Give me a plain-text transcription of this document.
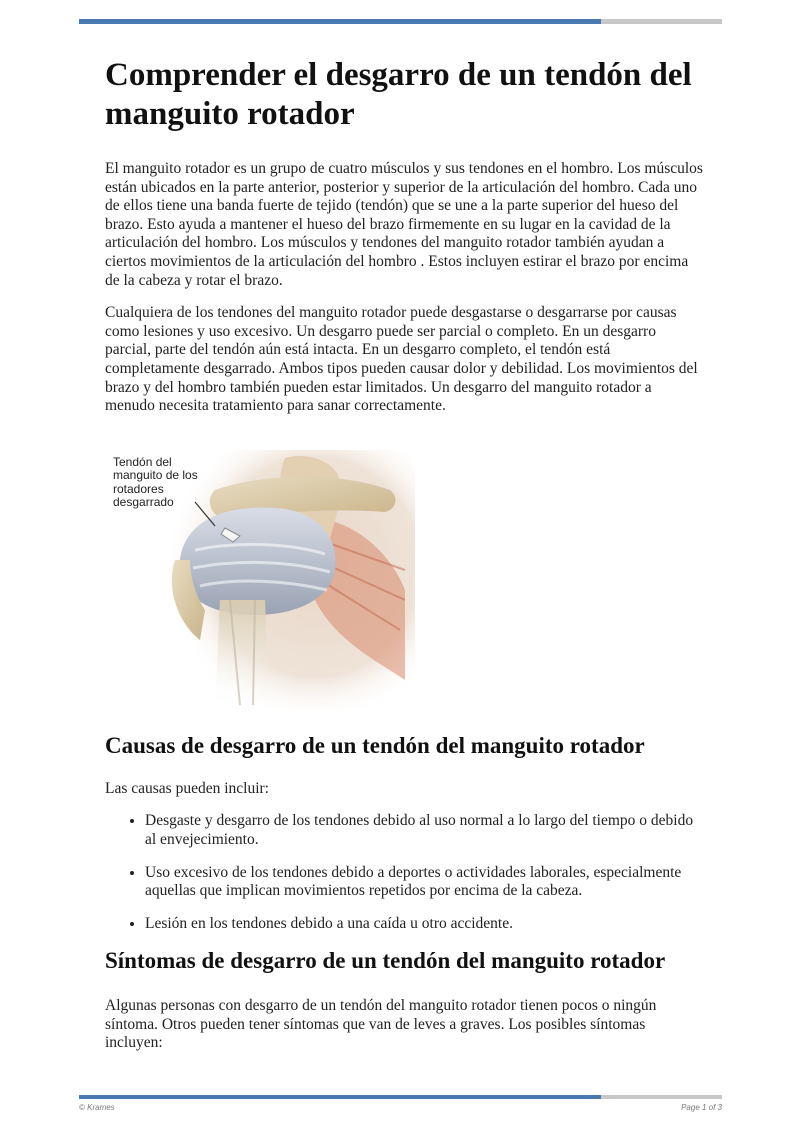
Comprender el desgarro de un tendón del manguito rotador

El manguito rotador es un grupo de cuatro músculos y sus tendones en el hombro. Los músculos están ubicados en la parte anterior, posterior y superior de la articulación del hombro. Cada uno de ellos tiene una banda fuerte de tejido (tendón) que se une a la parte superior del hueso del brazo. Esto ayuda a mantener el hueso del brazo firmemente en su lugar en la cavidad de la articulación del hombro. Los músculos y tendones del manguito rotador también ayudan a ciertos movimientos de la articulación del hombro . Estos incluyen estirar el brazo por encima de la cabeza y rotar el brazo.

Cualquiera de los tendones del manguito rotador puede desgastarse o desgarrarse por causas como lesiones y uso excesivo. Un desgarro puede ser parcial o completo. En un desgarro parcial, parte del tendón aún está intacta. En un desgarro completo, el tendón está completamente desgarrado. Ambos tipos pueden causar dolor y debilidad. Los movimientos del brazo y del hombro también pueden estar limitados. Un desgarro del manguito rotador a menudo necesita tratamiento para sanar correctamente.

Tendón del manguito de los rotadores desgarrado
Causas de desgarro de un tendón del manguito rotador

Las causas pueden incluir:

• Desgaste y desgarro de los tendones debido al uso normal a lo largo del tiempo o debido al envejecimiento.
• Uso excesivo de los tendones debido a deportes o actividades laborales, especialmente aquellas que implican movimientos repetidos por encima de la cabeza.
• Lesión en los tendones debido a una caída u otro accidente.
Síntomas de desgarro de un tendón del manguito rotador

Algunas personas con desgarro de un tendón del manguito rotador tienen pocos o ningún síntoma. Otros pueden tener síntomas que van de leves a graves. Los posibles síntomas incluyen:

© Krames	Page 1 of 3
